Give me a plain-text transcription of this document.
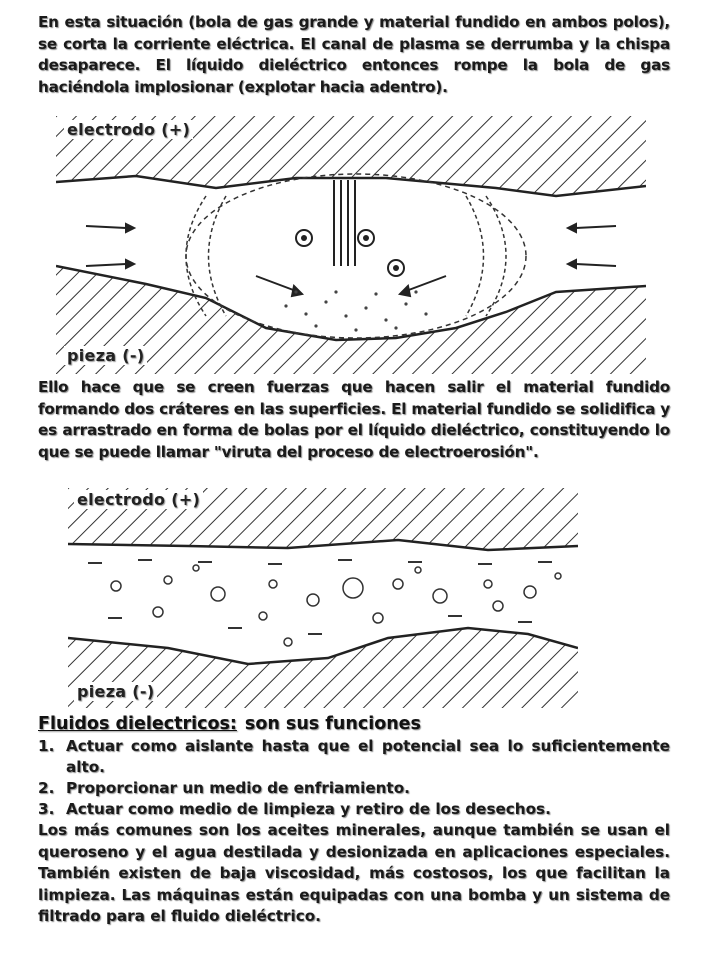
En esta situación (bola de gas grande y material fundido en ambos polos), se corta la corriente eléctrica. El canal de plasma se derrumba y la chispa desaparece. El líquido dieléctrico entonces rompe la bola de gas haciéndola implosionar (explotar hacia adentro).
electrodo (+)
pieza (-)
Ello hace que se creen fuerzas que hacen salir el material fundido formando dos cráteres en las superficies. El material fundido se solidifica y es arrastrado en forma de bolas por el líquido dieléctrico, constituyendo lo que se puede llamar "viruta del proceso de electroerosión".
electrodo (+)
pieza (-)
Fluidos dielectricos: son sus funciones
1. Actuar como aislante hasta que el potencial sea lo suficientemente alto.
2. Proporcionar un medio de enfriamiento.
3. Actuar como medio de limpieza y retiro de los desechos.
Los más comunes son los aceites minerales, aunque también se usan el queroseno y el agua destilada y desionizada en aplicaciones especiales. También existen de baja viscosidad, más costosos, los que facilitan la limpieza. Las máquinas están equipadas con una bomba y un sistema de filtrado para el fluido dieléctrico.
